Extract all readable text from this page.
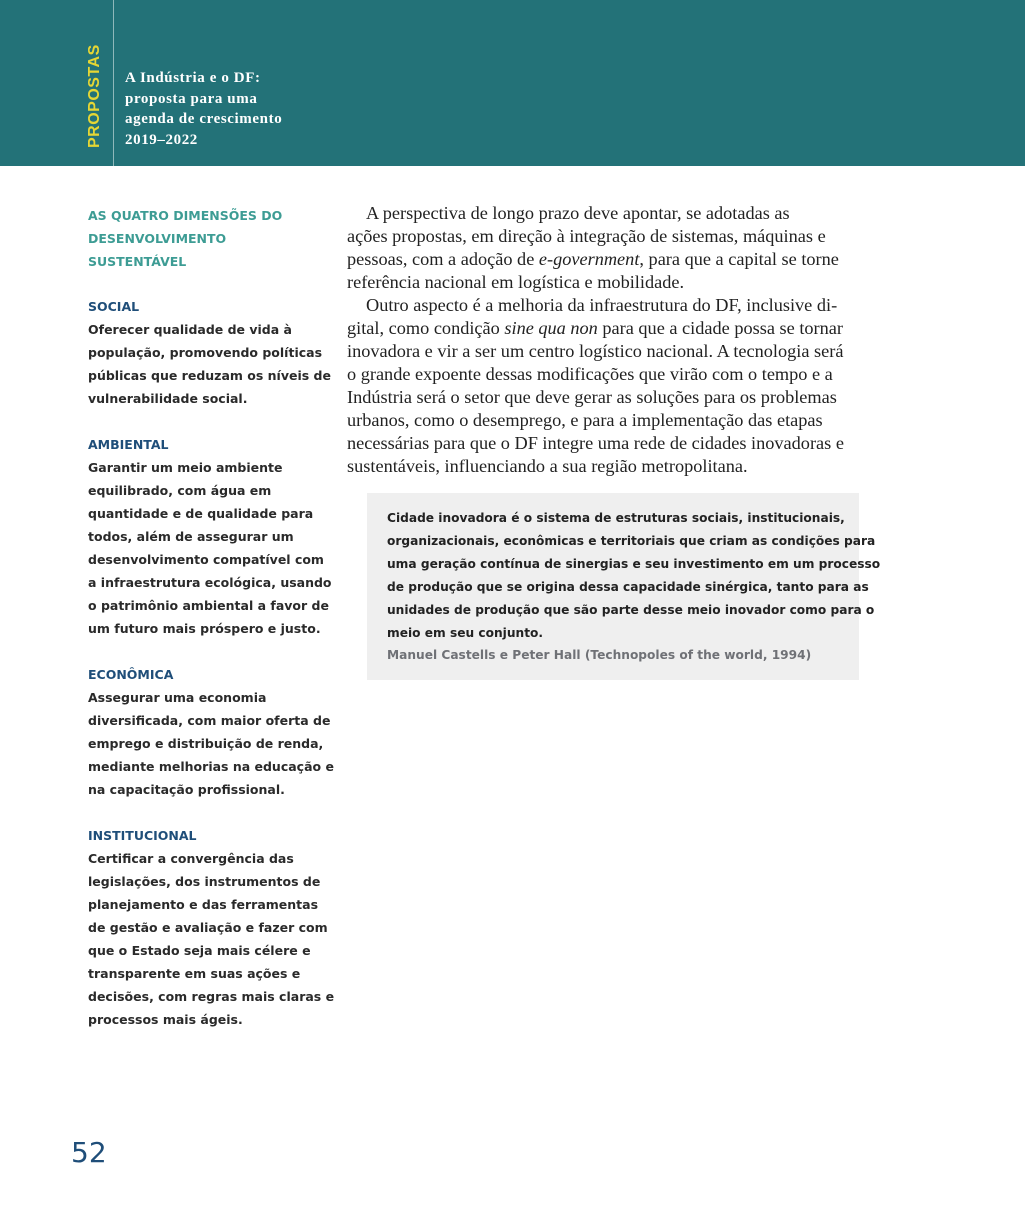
PROPOSTAS A Indústria e o DF:
proposta para uma
agenda de crescimento
2019–2022
AS QUATRO DIMENSÕES DO
DESENVOLVIMENTO SUSTENTÁVEL
SOCIAL

Oferecer qualidade de vida à
população, promovendo políticas
públicas que reduzam os níveis de
vulnerabilidade social.

AMBIENTAL

Garantir um meio ambiente
equilibrado, com água em
quantidade e de qualidade para
todos, além de assegurar um
desenvolvimento compatível com
a infraestrutura ecológica, usando
o patrimônio ambiental a favor de
um futuro mais próspero e justo.

ECONÔMICA

Assegurar uma economia
diversificada, com maior oferta de
emprego e distribuição de renda,
mediante melhorias na educação e
na capacitação profissional.

INSTITUCIONAL

Certificar a convergência das
legislações, dos instrumentos de
planejamento e das ferramentas
de gestão e avaliação e fazer com
que o Estado seja mais célere e
transparente em suas ações e
decisões, com regras mais claras e
processos mais ágeis.

A perspectiva de longo prazo deve apontar, se adotadas as
ações propostas, em direção à integração de sistemas, máquinas e
pessoas, com a adoção de e-government, para que a capital se torne
referência nacional em logística e mobilidade.

Outro aspecto é a melhoria da infraestrutura do DF, inclusive di-
gital, como condição sine qua non para que a cidade possa se tornar
inovadora e vir a ser um centro logístico nacional. A tecnologia será
o grande expoente dessas modificações que virão com o tempo e a
Indústria será o setor que deve gerar as soluções para os problemas
urbanos, como o desemprego, e para a implementação das etapas
necessárias para que o DF integre uma rede de cidades inovadoras e
sustentáveis, influenciando a sua região metropolitana.

Cidade inovadora é o sistema de estruturas sociais, institucionais,
organizacionais, econômicas e territoriais que criam as condições para
uma geração contínua de sinergias e seu investimento em um processo
de produção que se origina dessa capacidade sinérgica, tanto para as
unidades de produção que são parte desse meio inovador como para o
meio em seu conjunto.
Manuel Castells e Peter Hall (Technopoles of the world, 1994)
52
